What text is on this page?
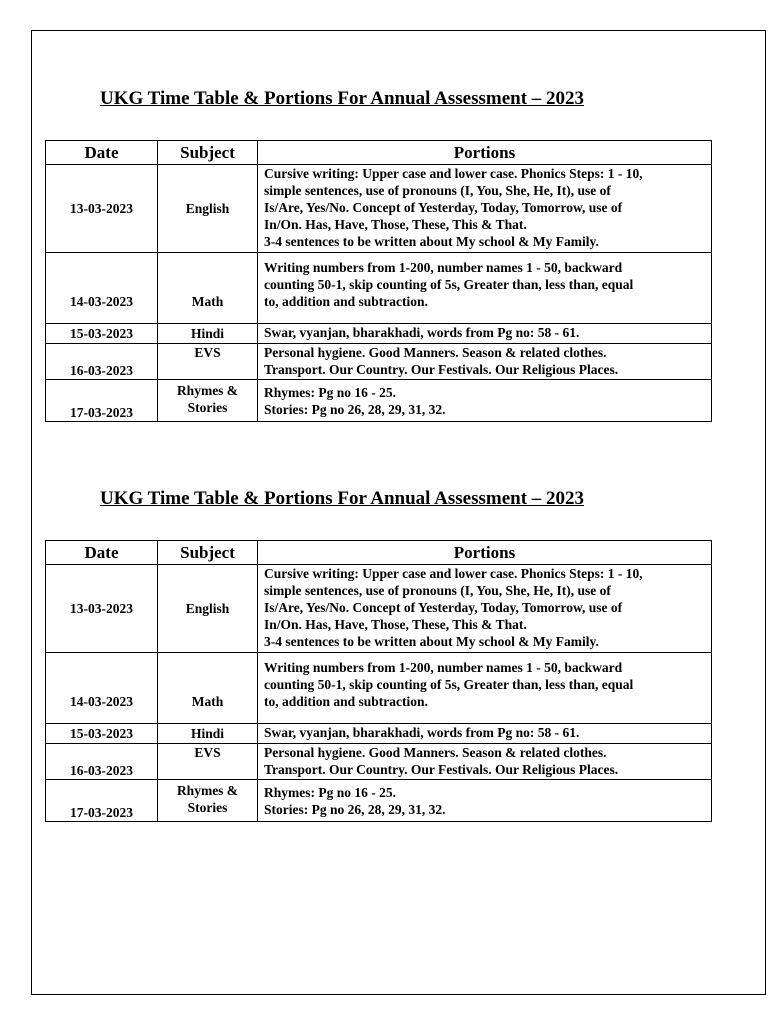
UKG Time Table & Portions For Annual Assessment – 2023
Date	Subject	Portions
13-03-2023	English	Cursive writing: Upper case and lower case. Phonics Steps: 1 - 10,
simple sentences, use of pronouns (I, You, She, He, It), use of
Is/Are, Yes/No. Concept of Yesterday, Today, Tomorrow, use of
In/On. Has, Have, Those, These, This & That.
3-4 sentences to be written about My school & My Family.

14-03-2023	Math	Writing numbers from 1-200, number names 1 - 50, backward
counting 50-1, skip counting of 5s, Greater than, less than, equal
to, addition and subtraction.

15-03-2023	Hindi	Swar, vyanjan, bharakhadi, words from Pg no: 58 - 61.

16-03-2023	EVS	Personal hygiene. Good Manners. Season & related clothes.
Transport. Our Country. Our Festivals. Our Religious Places.

17-03-2023	Rhymes &
Stories	Rhymes: Pg no 16 - 25.
Stories: Pg no 26, 28, 29, 31, 32.
UKG Time Table & Portions For Annual Assessment – 2023
Date	Subject	Portions
13-03-2023	English	Cursive writing: Upper case and lower case. Phonics Steps: 1 - 10,
simple sentences, use of pronouns (I, You, She, He, It), use of
Is/Are, Yes/No. Concept of Yesterday, Today, Tomorrow, use of
In/On. Has, Have, Those, These, This & That.
3-4 sentences to be written about My school & My Family.

14-03-2023	Math	Writing numbers from 1-200, number names 1 - 50, backward
counting 50-1, skip counting of 5s, Greater than, less than, equal
to, addition and subtraction.

15-03-2023	Hindi	Swar, vyanjan, bharakhadi, words from Pg no: 58 - 61.

16-03-2023	EVS	Personal hygiene. Good Manners. Season & related clothes.
Transport. Our Country. Our Festivals. Our Religious Places.

17-03-2023	Rhymes &
Stories	Rhymes: Pg no 16 - 25.
Stories: Pg no 26, 28, 29, 31, 32.
